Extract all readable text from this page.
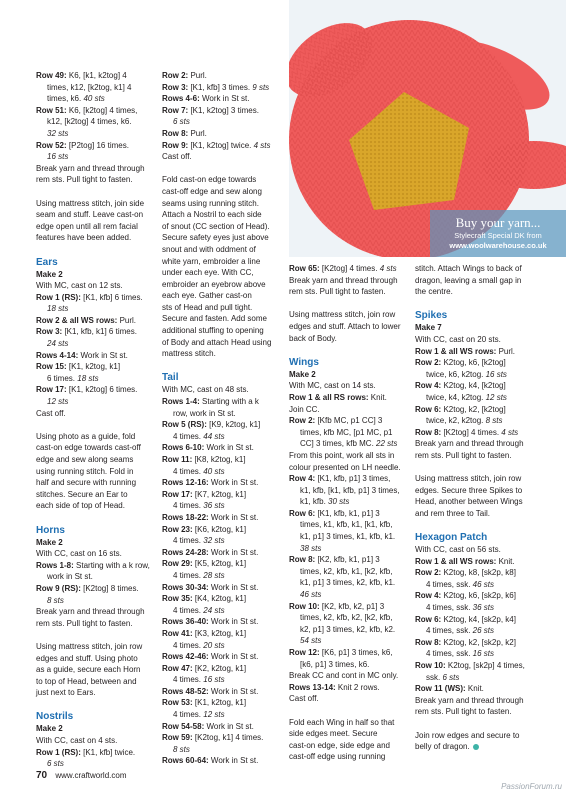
Buy your yarn...
Stylecraft Special DK from
www.woolwarehouse.co.uk

Row 49: K6, [k1, k2tog] 4

times, k12, [k2tog, k1] 4

times, k6. 40 sts

Row 51: K6, [k2tog] 4 times,

k12, [k2tog] 4 times, k6.

32 sts

Row 52: [P2tog] 16 times.

16 sts

Break yarn and thread through

rem sts. Pull tight to fasten.

Using mattress stitch, join side

seam and stuff. Leave cast-on

edge open until all rem facial

features have been added.

Ears

Make 2

With MC, cast on 12 sts.

Row 1 (RS): [K1, kfb] 6 times.

18 sts

Row 2 & all WS rows: Purl.

Row 3: [K1, kfb, k1] 6 times.

24 sts

Rows 4-14: Work in St st.

Row 15: [K1, k2tog, k1]

6 times. 18 sts

Row 17: [K1, k2tog] 6 times.

12 sts

Cast off.

Using photo as a guide, fold

cast-on edge towards cast-off

edge and sew along seams

using running stitch. Fold in

half and secure with running

stitches. Secure an Ear to

each side of top of Head.

Horns

Make 2

With CC, cast on 16 sts.

Rows 1-8: Starting with a k row,

work in St st.

Row 9 (RS): [K2tog] 8 times.

8 sts

Break yarn and thread through

rem sts. Pull tight to fasten.

Using mattress stitch, join row

edges and stuff. Using photo

as a guide, secure each Horn

to top of Head, between and

just next to Ears.

Nostrils

Make 2

With CC, cast on 4 sts.

Row 1 (RS): [K1, kfb] twice.

6 sts

Row 2: Purl.

Row 3: [K1, kfb] 3 times. 9 sts

Rows 4-6: Work in St st.

Row 7: [K1, k2tog] 3 times.

6 sts

Row 8: Purl.

Row 9: [K1, k2tog] twice. 4 sts

Cast off.

Fold cast-on edge towards

cast-off edge and sew along

seams using running stitch.

Attach a Nostril to each side

of snout (CC section of Head).

Secure safety eyes just above

snout and with oddment of

white yarn, embroider a line

under each eye. With CC,

embroider an eyebrow above

each eye. Gather cast-on

sts of Head and pull tight.

Secure and fasten. Add some

additional stuffing to opening

of Body and attach Head using

mattress stitch.

Tail

With MC, cast on 48 sts.

Rows 1-4: Starting with a k

row, work in St st.

Row 5 (RS): [K9, k2tog, k1]

4 times. 44 sts

Rows 6-10: Work in St st.

Row 11: [K8, k2tog, k1]

4 times. 40 sts

Rows 12-16: Work in St st.

Row 17: [K7, k2tog, k1]

4 times. 36 sts

Rows 18-22: Work in St st.

Row 23: [K6, k2tog, k1]

4 times. 32 sts

Rows 24-28: Work in St st.

Row 29: [K5, k2tog, k1]

4 times. 28 sts

Rows 30-34: Work in St st.

Row 35: [K4, k2tog, k1]

4 times. 24 sts

Rows 36-40: Work in St st.

Row 41: [K3, k2tog, k1]

4 times. 20 sts

Rows 42-46: Work in St st.

Row 47: [K2, k2tog, k1]

4 times. 16 sts

Rows 48-52: Work in St st.

Row 53: [K1, k2tog, k1]

4 times. 12 sts

Row 54-58: Work in St st.

Row 59: [K2tog, k1] 4 times.

8 sts

Rows 60-64: Work in St st.

Row 65: [K2tog] 4 times. 4 sts

Break yarn and thread through

rem sts. Pull tight to fasten.

Using mattress stitch, join row

edges and stuff. Attach to lower

back of Body.

Wings

Make 2

With MC, cast on 14 sts.

Row 1 & all RS rows: Knit.

Join CC.

Row 2: [Kfb MC, p1 CC] 3

times, kfb MC, [p1 MC, p1

CC] 3 times, kfb MC. 22 sts

From this point, work all sts in

colour presented on LH needle.

Row 4: [K1, kfb, p1] 3 times,

k1, kfb, [k1, kfb, p1] 3 times,

k1, kfb. 30 sts

Row 6: [K1, kfb, k1, p1] 3

times, k1, kfb, k1, [k1, kfb,

k1, p1] 3 times, k1, kfb, k1.

38 sts

Row 8: [K2, kfb, k1, p1] 3

times, k2, kfb, k1, [k2, kfb,

k1, p1] 3 times, k2, kfb, k1.

46 sts

Row 10: [K2, kfb, k2, p1] 3

times, k2, kfb, k2, [k2, kfb,

k2, p1] 3 times, k2, kfb, k2.

54 sts

Row 12: [K6, p1] 3 times, k6,

[k6, p1] 3 times, k6.

Break CC and cont in MC only.

Rows 13-14: Knit 2 rows.

Cast off.

Fold each Wing in half so that

side edges meet. Secure

cast-on edge, side edge and

cast-off edge using running

stitch. Attach Wings to back of

dragon, leaving a small gap in

the centre.

Spikes

Make 7

With CC, cast on 20 sts.

Row 1 & all WS rows: Purl.

Row 2: K2tog, k6, [k2tog]

twice, k6, k2tog. 16 sts

Row 4: K2tog, k4, [k2tog]

twice, k4, k2tog. 12 sts

Row 6: K2tog, k2, [k2tog]

twice, k2, k2tog. 8 sts

Row 8: [K2tog] 4 times. 4 sts

Break yarn and thread through

rem sts. Pull tight to fasten.

Using mattress stitch, join row

edges. Secure three Spikes to

Head, another between Wings

and rem three to Tail.

Hexagon Patch

With CC, cast on 56 sts.

Row 1 & all WS rows: Knit.

Row 2: K2tog, k8, [sk2p, k8]

4 times, ssk. 46 sts

Row 4: K2tog, k6, [sk2p, k6]

4 times, ssk. 36 sts

Row 6: K2tog, k4, [sk2p, k4]

4 times, ssk. 26 sts

Row 8: K2tog, k2, [sk2p, k2]

4 times, ssk. 16 sts

Row 10: K2tog, [sk2p] 4 times,

ssk. 6 sts

Row 11 (WS): Knit.

Break yarn and thread through

rem sts. Pull tight to fasten.

Join row edges and secure to

belly of dragon.

70 www.craftworld.com
PassionForum.ru
